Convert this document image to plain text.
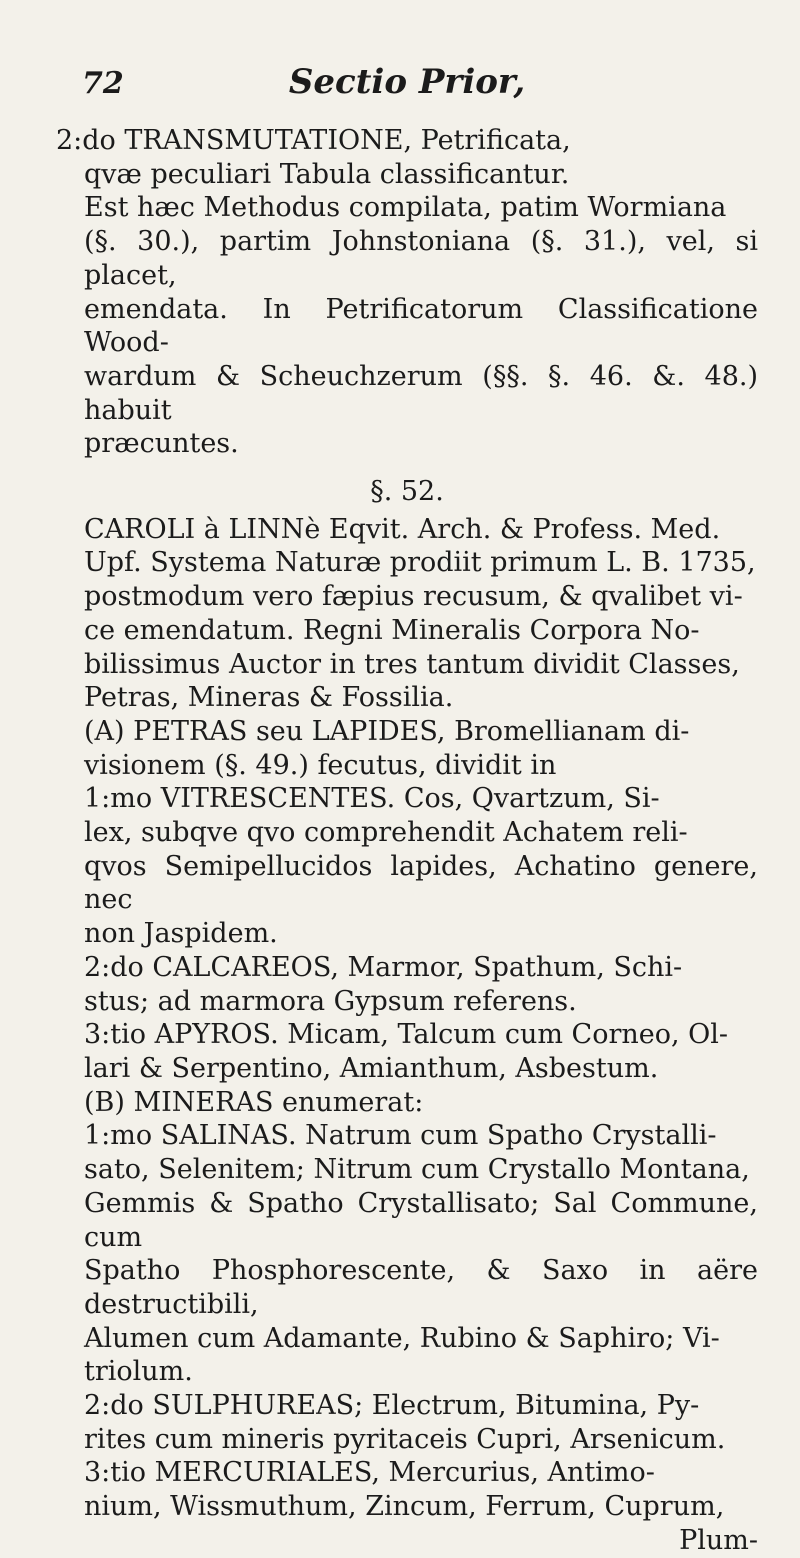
72	Sectio Prior,
2:do TRANSMUTATIONE, Petrificata,
qvæ peculiari Tabula classificantur.
Est hæc Methodus compilata, patim Wormiana
(§. 30.), partim Johnstoniana (§. 31.), vel, si placet,
emendata. In Petrificatorum Classificatione Wood-
wardum & Scheuchzerum (§§. §. 46. &. 48.) habuit
præcuntes.
§. 52.
CAROLI à LINNè Eqvit. Arch. & Profess. Med.
Upf. Systema Naturæ prodiit primum L. B. 1735,
postmodum vero fæpius recusum, & qvalibet vi-
ce emendatum. Regni Mineralis Corpora No-
bilissimus Auctor in tres tantum dividit Classes,
Petras, Mineras & Fossilia.
(A) PETRAS seu LAPIDES, Bromellianam di-
visionem (§. 49.) fecutus, dividit in
1:mo VITRESCENTES. Cos, Qvartzum, Si-
lex, subqve qvo comprehendit Achatem reli-
qvos Semipellucidos lapides, Achatino genere, nec
non Jaspidem.
2:do CALCAREOS, Marmor, Spathum, Schi-
stus; ad marmora Gypsum referens.
3:tio APYROS. Micam, Talcum cum Corneo, Ol-
lari & Serpentino, Amianthum, Asbestum.
(B) MINERAS enumerat:
1:mo SALINAS. Natrum cum Spatho Crystalli-
sato, Selenitem; Nitrum cum Crystallo Montana,
Gemmis & Spatho Crystallisato; Sal Commune, cum
Spatho Phosphorescente, & Saxo in aëre destructibili,
Alumen cum Adamante, Rubino & Saphiro; Vi-
triolum.
2:do SULPHUREAS; Electrum, Bitumina, Py-
rites cum mineris pyritaceis Cupri, Arsenicum.
3:tio MERCURIALES, Mercurius, Antimo-
nium, Wissmuthum, Zincum, Ferrum, Cuprum,
Plum-
